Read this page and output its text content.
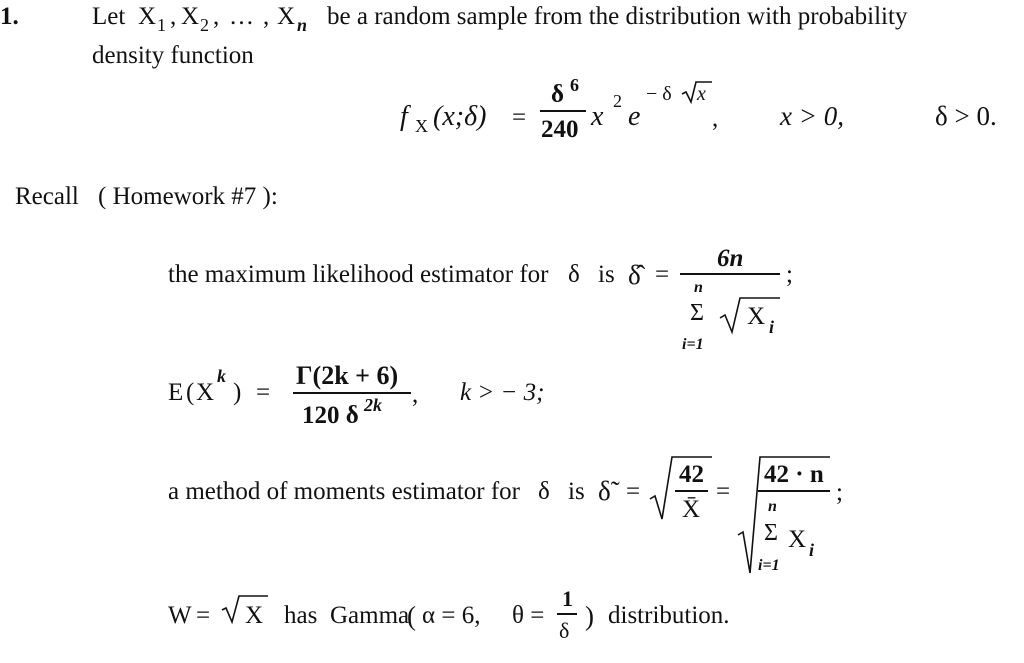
1.	Let X 1 , X 2 , … , X n be a random sample from the distribution with probability
density function
f X (x;δ) =
δ 6
240 x 2 e
− δ x
, x > 0,	δ > 0.
Recall ( Homework #7 ):
the maximum likelihood estimator for δ is δ̂ =
6n
n
Σ
i=1
X i
;
E ( X
k
) =
Γ(2k + 6)
120 δ 2k , k > − 3;
a method of moments estimator for δ is δ̃ =
42
X̄
=
42 · n
n
Σ
i=1
X i
;
W = X has Gamma
( α = 6, θ =
1
δ ) distribution.
